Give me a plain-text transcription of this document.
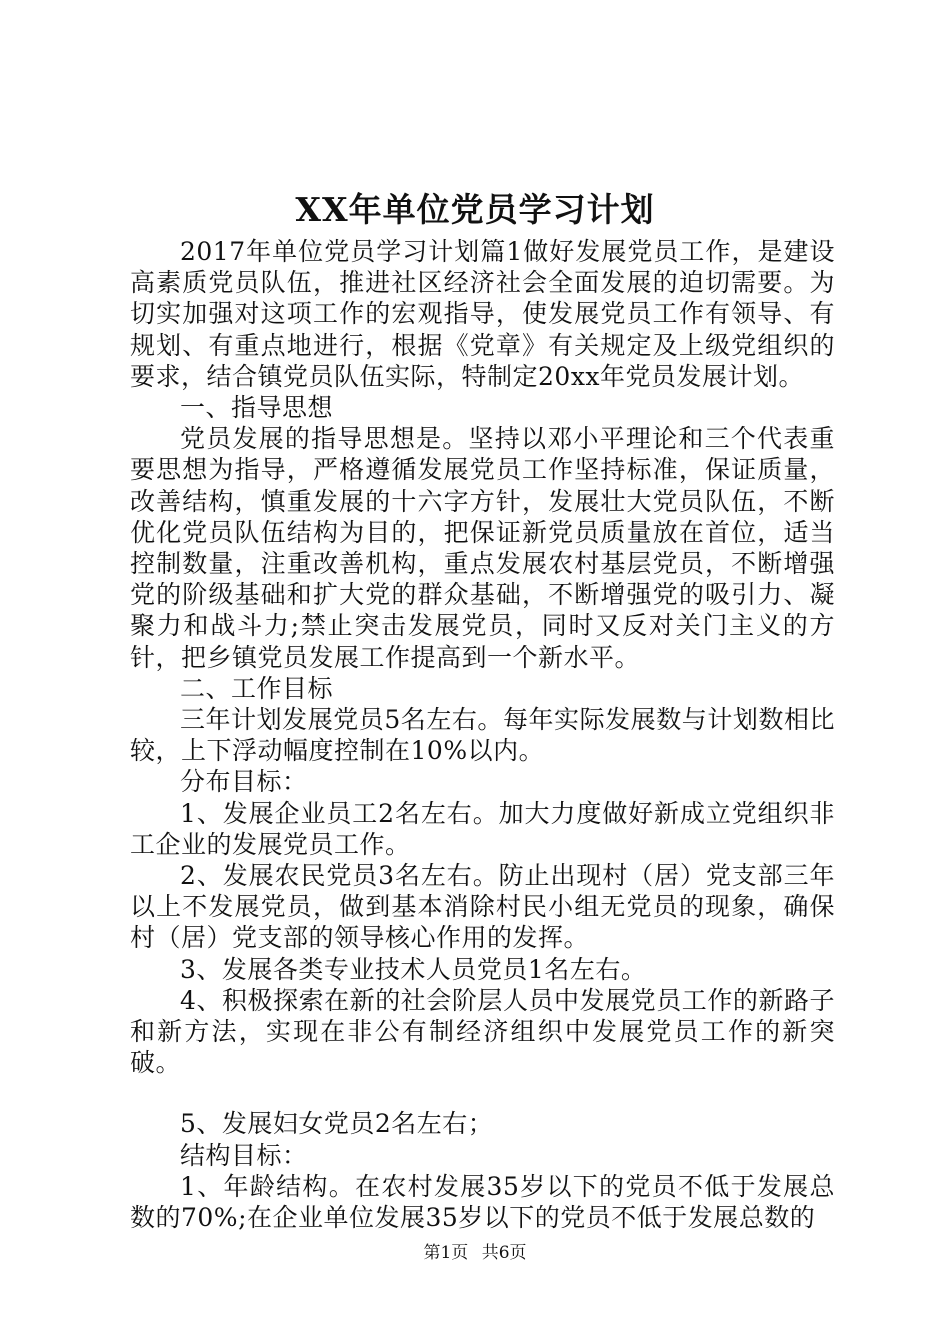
XX年单位党员学习计划

2017年单位党员学习计划篇1做好发展党员工作，是建设高素质党员队伍，推进社区经济社会全面发展的迫切需要。为切实加强对这项工作的宏观指导，使发展党员工作有领导、有规划、有重点地进行，根据《党章》有关规定及上级党组织的要求，结合镇党员队伍实际，特制定20xx年党员发展计划。

一、指导思想

党员发展的指导思想是。坚持以邓小平理论和三个代表重要思想为指导，严格遵循发展党员工作坚持标准，保证质量，改善结构，慎重发展的十六字方针，发展壮大党员队伍，不断优化党员队伍结构为目的，把保证新党员质量放在首位，适当控制数量，注重改善机构，重点发展农村基层党员，不断增强党的阶级基础和扩大党的群众基础，不断增强党的吸引力、凝聚力和战斗力;禁止突击发展党员，同时又反对关门主义的方针，把乡镇党员发展工作提高到一个新水平。

二、工作目标

三年计划发展党员5名左右。每年实际发展数与计划数相比较，上下浮动幅度控制在10%以内。

分布目标：

1、发展企业员工2名左右。加大力度做好新成立党组织非工企业的发展党员工作。

2、发展农民党员3名左右。防止出现村（居）党支部三年以上不发展党员，做到基本消除村民小组无党员的现象，确保村（居）党支部的领导核心作用的发挥。

3、发展各类专业技术人员党员1名左右。

4、积极探索在新的社会阶层人员中发展党员工作的新路子和新方法，实现在非公有制经济组织中发展党员工作的新突破。

5、发展妇女党员2名左右；

结构目标：

1、年龄结构。在农村发展35岁以下的党员不低于发展总数的70%;在企业单位发展35岁以下的党员不低于发展总数的

第1页 共6页
